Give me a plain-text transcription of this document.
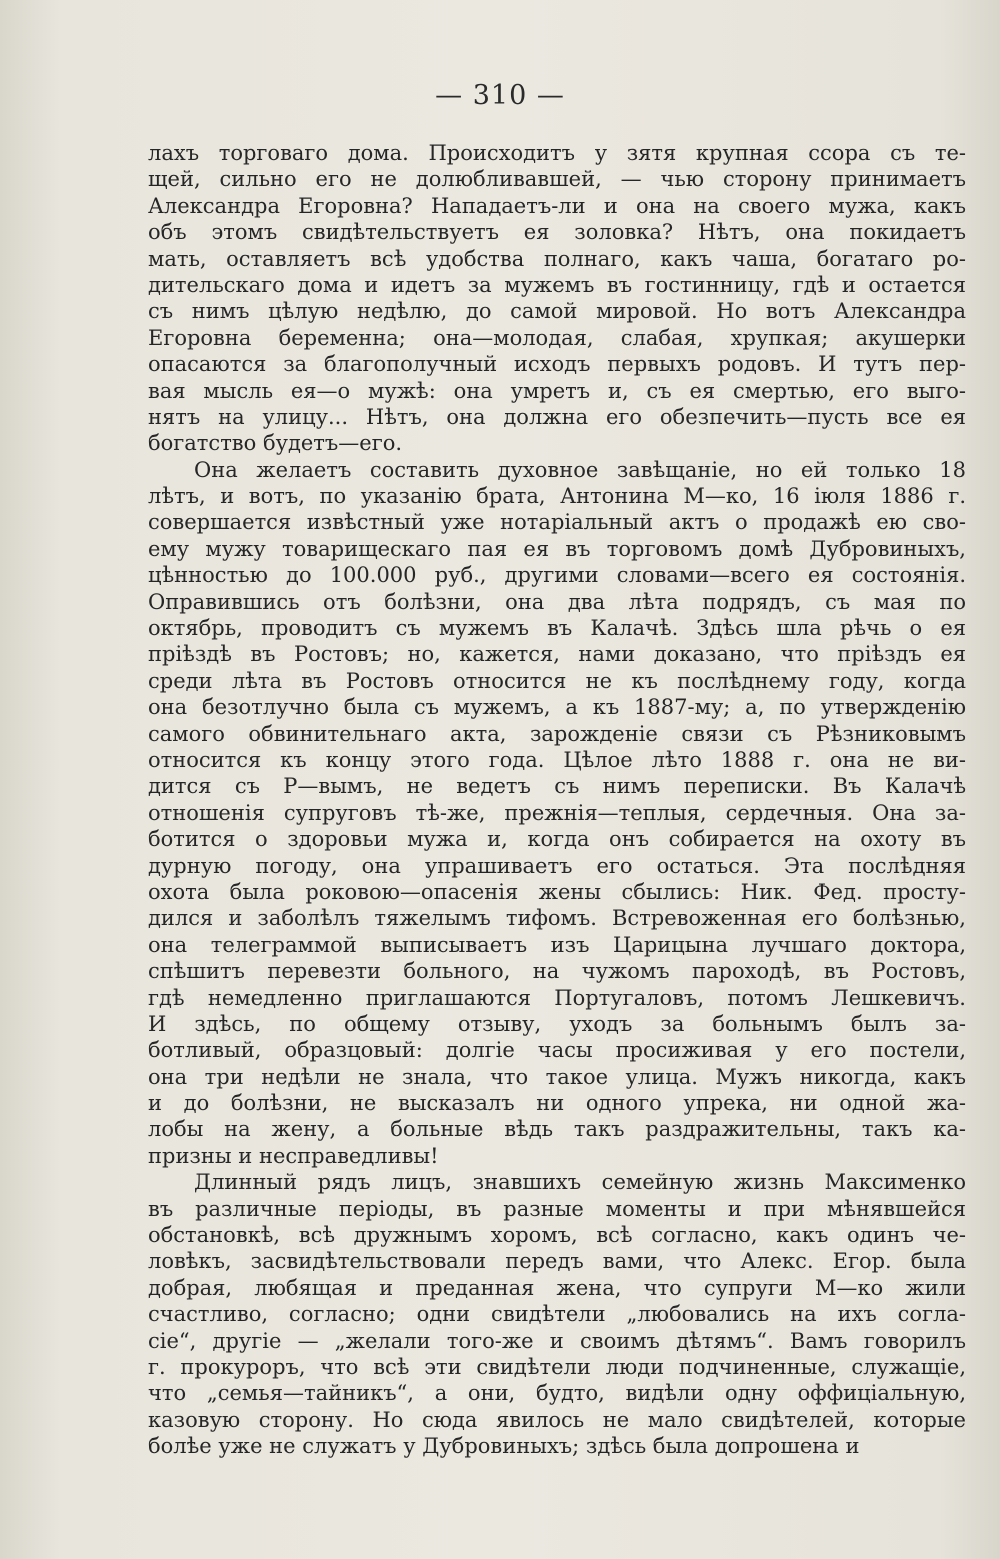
— 310 —
лахъ торговаго дома. Происходитъ у зятя крупная ссора съ те-
щей, сильно его не долюбливавшей, — чью сторону принимаетъ
Александра Егоровна? Нападаетъ-ли и она на своего мужа, какъ
объ этомъ свидѣтельствуетъ ея золовка? Нѣтъ, она покидаетъ
мать, оставляетъ всѣ удобства полнаго, какъ чаша, богатаго ро-
дительскаго дома и идетъ за мужемъ въ гостинницу, гдѣ и остается
съ нимъ цѣлую недѣлю, до самой мировой. Но вотъ Александра
Егоровна беременна; она—молодая, слабая, хрупкая; акушерки
опасаются за благополучный исходъ первыхъ родовъ. И тутъ пер-
вая мысль ея—о мужѣ: она умретъ и, съ ея смертью, его выго-
нятъ на улицу... Нѣтъ, она должна его обезпечить—пусть все ея
богатство будетъ—его.
Она желаетъ составить духовное завѣщаніе, но ей только 18
лѣтъ, и вотъ, по указанію брата, Антонина М—ко, 16 іюля 1886 г.
совершается извѣстный уже нотаріальный актъ о продажѣ ею сво-
ему мужу товарищескаго пая ея въ торговомъ домѣ Дубровиныхъ,
цѣнностью до 100.000 руб., другими словами—всего ея состоянія.
Оправившись отъ болѣзни, она два лѣта подрядъ, съ мая по
октябрь, проводитъ съ мужемъ въ Калачѣ. Здѣсь шла рѣчь о ея
пріѣздѣ въ Ростовъ; но, кажется, нами доказано, что пріѣздъ ея
среди лѣта въ Ростовъ относится не къ послѣднему году, когда
она безотлучно была съ мужемъ, а къ 1887-му; а, по утвержденію
самого обвинительнаго акта, зарожденіе связи съ Рѣзниковымъ
относится къ концу этого года. Цѣлое лѣто 1888 г. она не ви-
дится съ Р—вымъ, не ведетъ съ нимъ переписки. Въ Калачѣ
отношенія супруговъ тѣ-же, прежнія—теплыя, сердечныя. Она за-
ботится о здоровьи мужа и, когда онъ собирается на охоту въ
дурную погоду, она упрашиваетъ его остаться. Эта послѣдняя
охота была роковою—опасенія жены сбылись: Ник. Фед. просту-
дился и заболѣлъ тяжелымъ тифомъ. Встревоженная его болѣзнью,
она телеграммой выписываетъ изъ Царицына лучшаго доктора,
спѣшитъ перевезти больного, на чужомъ пароходѣ, въ Ростовъ,
гдѣ немедленно приглашаются Португаловъ, потомъ Лешкевичъ.
И здѣсь, по общему отзыву, уходъ за больнымъ былъ за-
ботливый, образцовый: долгіе часы просиживая у его постели,
она три недѣли не знала, что такое улица. Мужъ никогда, какъ
и до болѣзни, не высказалъ ни одного упрека, ни одной жа-
лобы на жену, а больные вѣдь такъ раздражительны, такъ ка-
призны и несправедливы!
Длинный рядъ лицъ, знавшихъ семейную жизнь Максименко
въ различные періоды, въ разные моменты и при мѣнявшейся
обстановкѣ, всѣ дружнымъ хоромъ, всѣ согласно, какъ одинъ че-
ловѣкъ, засвидѣтельствовали передъ вами, что Алекс. Егор. была
добрая, любящая и преданная жена, что супруги М—ко жили
счастливо, согласно; одни свидѣтели „любовались на ихъ согла-
сіе“, другіе — „желали того-же и своимъ дѣтямъ“. Вамъ говорилъ
г. прокуроръ, что всѣ эти свидѣтели люди подчиненные, служащіе,
что „семья—тайникъ“, а они, будто, видѣли одну оффиціальную,
казовую сторону. Но сюда явилось не мало свидѣтелей, которые
болѣе уже не служатъ у Дубровиныхъ; здѣсь была допрошена и
